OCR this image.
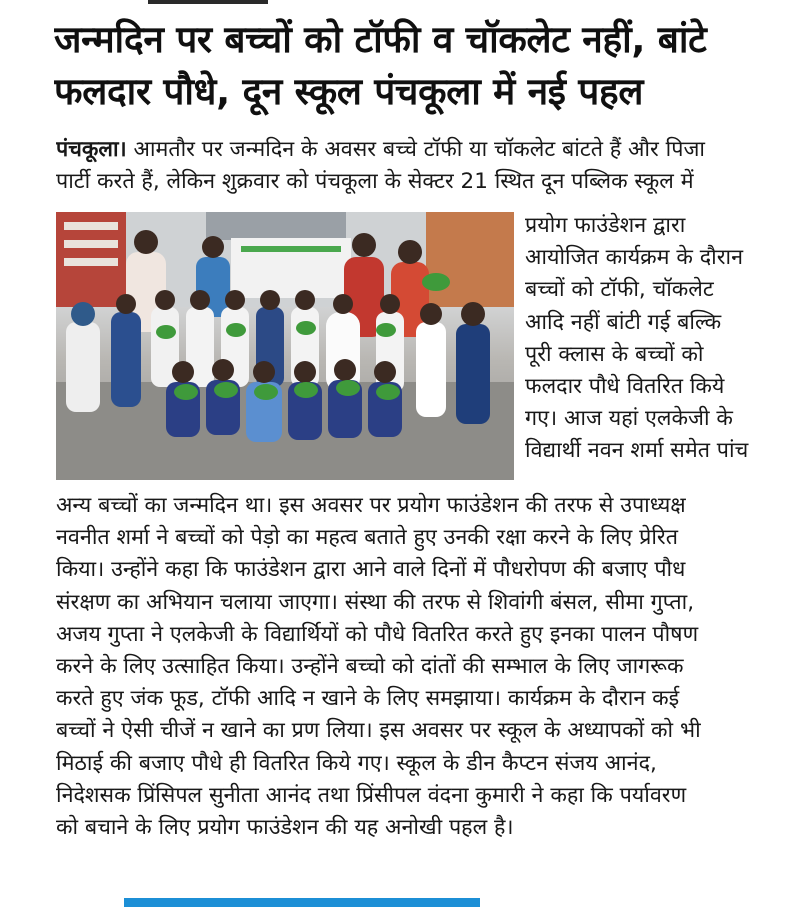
जन्मदिन पर बच्चों को टॉफी व चॉकलेट नहीं, बांटे
फलदार पौधे, दून स्कूल पंचकूला में नई पहल
पंचकूला। आमतौर पर जन्मदिन के अवसर बच्चे टॉफी या चॉकलेट बांटते हैं और पिजा
पार्टी करते हैं, लेकिन शुक्रवार को पंचकूला के सेक्टर 21 स्थित दून पब्लिक स्कूल में
प्रयोग फाउंडेशन द्वारा
आयोजित कार्यक्रम के दौरान
बच्चों को टॉफी, चॉकलेट
आदि नहीं बांटी गई बल्कि
पूरी क्लास के बच्चों को
फलदार पौधे वितरित किये
गए। आज यहां एलकेजी के
विद्यार्थी नवन शर्मा समेत पांच
अन्य बच्चों का जन्मदिन था। इस अवसर पर प्रयोग फाउंडेशन की तरफ से उपाध्यक्ष
नवनीत शर्मा ने बच्चों को पेड़ो का महत्व बताते हुए उनकी रक्षा करने के लिए प्रेरित
किया। उन्होंने कहा कि फाउंडेशन द्वारा आने वाले दिनों में पौधरोपण की बजाए पौध
संरक्षण का अभियान चलाया जाएगा। संस्था की तरफ से शिवांगी बंसल, सीमा गुप्ता,
अजय गुप्ता ने एलकेजी के विद्यार्थियों को पौधे वितरित करते हुए इनका पालन पौषण
करने के लिए उत्साहित किया। उन्होंने बच्चो को दांतों की सम्भाल के लिए जागरूक
करते हुए जंक फूड, टॉफी आदि न खाने के लिए समझाया। कार्यक्रम के दौरान कई
बच्चों ने ऐसी चीजें न खाने का प्रण लिया। इस अवसर पर स्कूल के अध्यापकों को भी
मिठाई की बजाए पौधे ही वितरित किये गए। स्कूल के डीन कैप्टन संजय आनंद,
निदेशसक प्रिंसिपल सुनीता आनंद तथा प्रिंसीपल वंदना कुमारी ने कहा कि पर्यावरण
को बचाने के लिए प्रयोग फाउंडेशन की यह अनोखी पहल है।
